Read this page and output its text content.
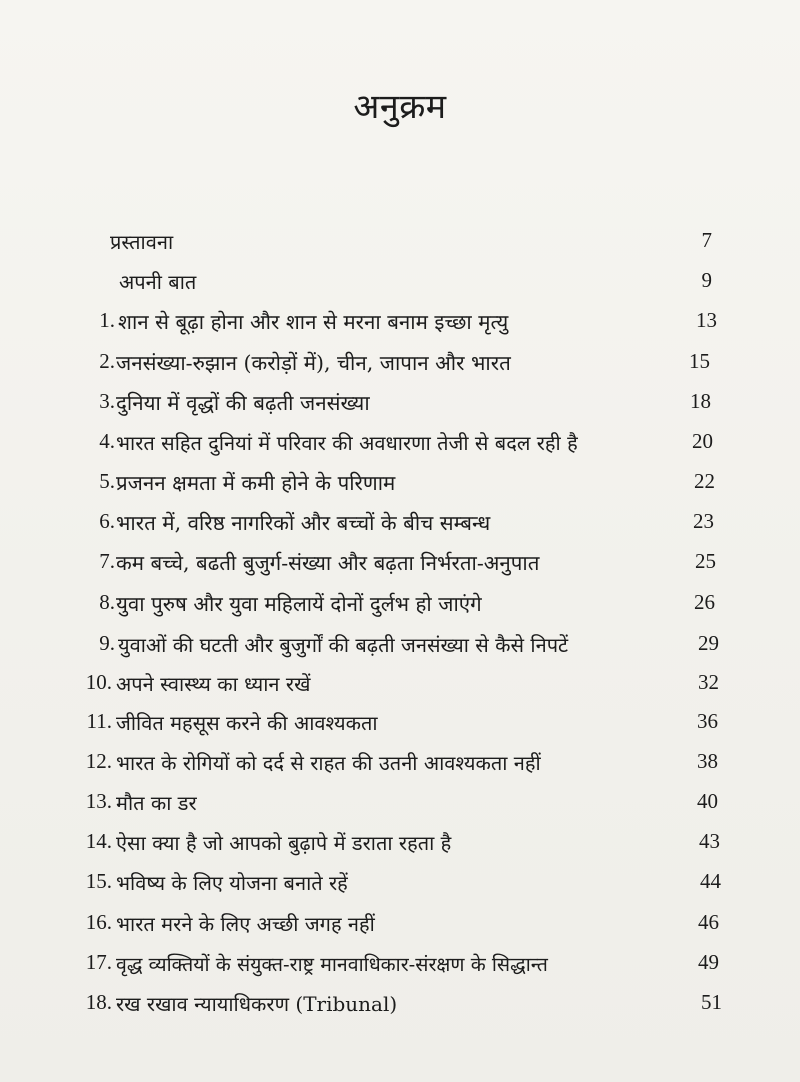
अनुक्रम
प्रस्तावना	7
अपनी बात	9
1. शान से बूढ़ा होना और शान से मरना बनाम इच्छा मृत्यु	13
2. जनसंख्या-रुझान (करोड़ों में), चीन, जापान और भारत	15
3. दुनिया में वृद्धों की बढ़ती जनसंख्या	18
4. भारत सहित दुनियां में परिवार की अवधारणा तेजी से बदल रही है	20
5. प्रजनन क्षमता में कमी होने के परिणाम	22
6. भारत में, वरिष्ठ नागरिकों और बच्चों के बीच सम्बन्ध	23
7. कम बच्चे, बढती बुजुर्ग-संख्या और बढ़ता निर्भरता-अनुपात	25
8. युवा पुरुष और युवा महिलायें दोनों दुर्लभ हो जाएंगे	26
9. युवाओं की घटती और बुजुर्गों की बढ़ती जनसंख्या से कैसे निपटें	29
10. अपने स्वास्थ्य का ध्यान रखें	32
11. जीवित महसूस करने की आवश्यकता	36
12. भारत के रोगियों को दर्द से राहत की उतनी आवश्यकता नहीं	38
13. मौत का डर	40
14. ऐसा क्या है जो आपको बुढ़ापे में डराता रहता है	43
15. भविष्य के लिए योजना बनाते रहें	44
16. भारत मरने के लिए अच्छी जगह नहीं	46
17. वृद्ध व्यक्तियों के संयुक्त-राष्ट्र मानवाधिकार-संरक्षण के सिद्धान्त	49
18. रख रखाव न्यायाधिकरण (Tribunal)	51
